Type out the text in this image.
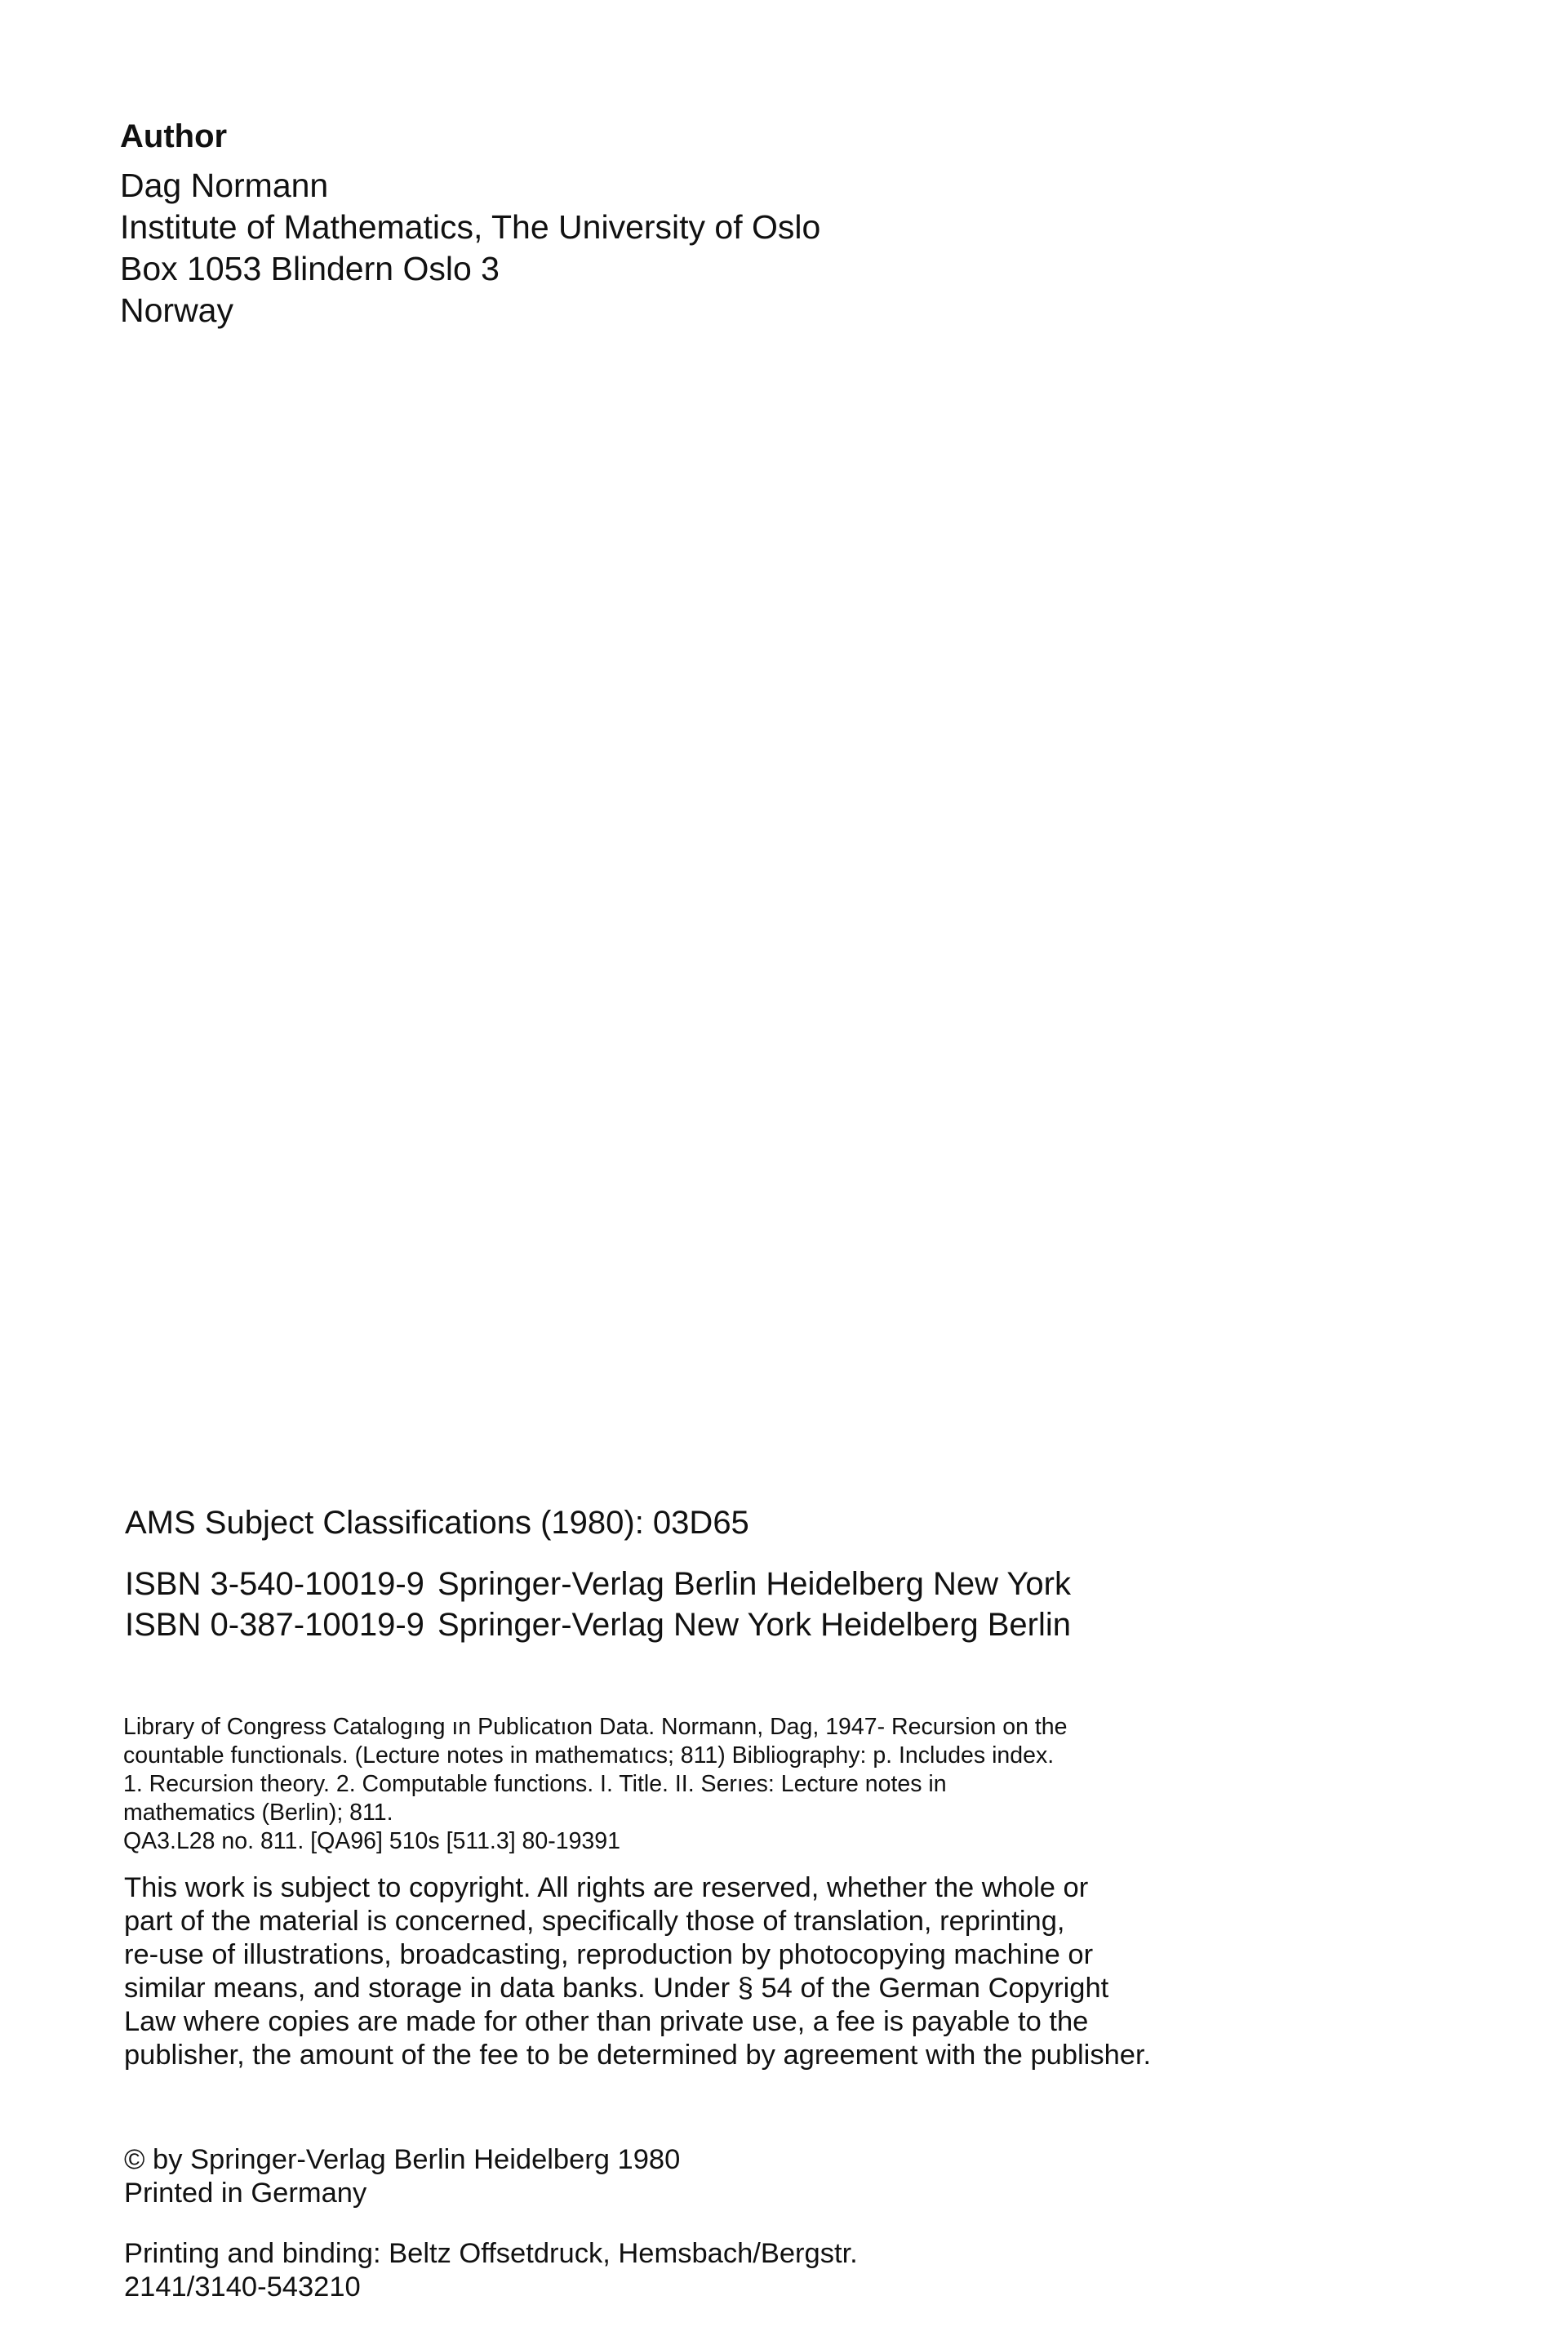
Author
Dag Normann
Institute of Mathematics, The University of Oslo
Box 1053 Blindern Oslo 3
Norway
AMS Subject Classifications (1980): 03D65
ISBN 3-540-10019-9 Springer-Verlag Berlin Heidelberg New York
ISBN 0-387-10019-9 Springer-Verlag New York Heidelberg Berlin
Library of Congress Catalogıng ın Publicatıon Data. Normann, Dag, 1947- Recursion on the
countable functionals. (Lecture notes in mathematıcs; 811) Bibliography: p. Includes index.
1. Recursion theory. 2. Computable functions. I. Title. II. Serıes: Lecture notes in
mathematics (Berlin); 811.
QA3.L28 no. 811. [QA96] 510s [511.3] 80-19391
This work is subject to copyright. All rights are reserved, whether the whole or
part of the material is concerned, specifically those of translation, reprinting,
re-use of illustrations, broadcasting, reproduction by photocopying machine or
similar means, and storage in data banks. Under § 54 of the German Copyright
Law where copies are made for other than private use, a fee is payable to the
publisher, the amount of the fee to be determined by agreement with the publisher.
© by Springer-Verlag Berlin Heidelberg 1980
Printed in Germany
Printing and binding: Beltz Offsetdruck, Hemsbach/Bergstr.
2141/3140-543210
